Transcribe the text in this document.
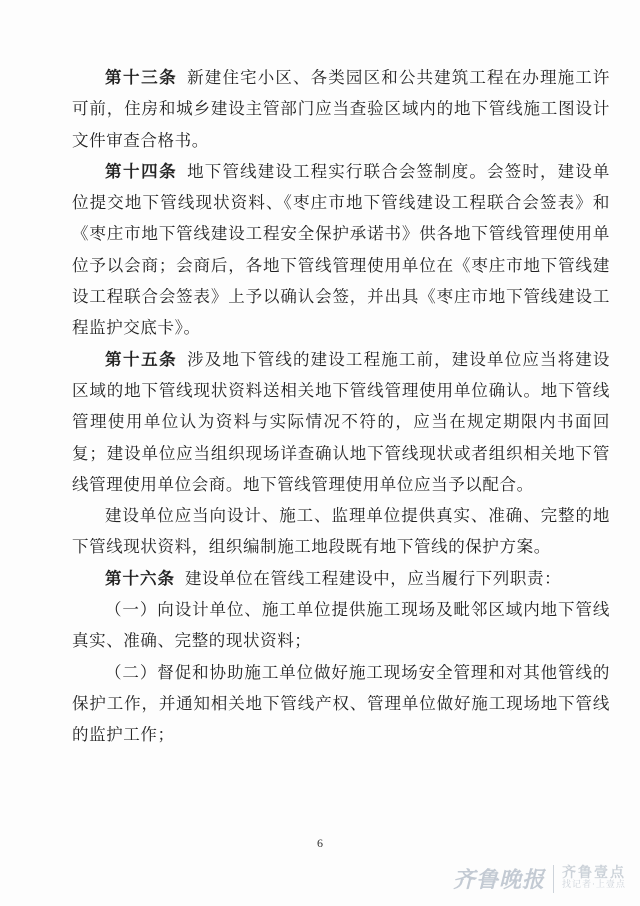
第十三条 新建住宅小区、各类园区和公共建筑工程在办理施工许可前，住房和城乡建设主管部门应当查验区域内的地下管线施工图设计文件审查合格书。

第十四条 地下管线建设工程实行联合会签制度。会签时，建设单位提交地下管线现状资料、《枣庄市地下管线建设工程联合会签表》和《枣庄市地下管线建设工程安全保护承诺书》供各地下管线管理使用单位予以会商；会商后，各地下管线管理使用单位在《枣庄市地下管线建设工程联合会签表》上予以确认会签，并出具《枣庄市地下管线建设工程监护交底卡》。

第十五条 涉及地下管线的建设工程施工前，建设单位应当将建设区域的地下管线现状资料送相关地下管线管理使用单位确认。地下管线管理使用单位认为资料与实际情况不符的，应当在规定期限内书面回复；建设单位应当组织现场详查确认地下管线现状或者组织相关地下管线管理使用单位会商。地下管线管理使用单位应当予以配合。

建设单位应当向设计、施工、监理单位提供真实、准确、完整的地下管线现状资料，组织编制施工地段既有地下管线的保护方案。

第十六条 建设单位在管线工程建设中，应当履行下列职责：

（一）向设计单位、施工单位提供施工现场及毗邻区域内地下管线真实、准确、完整的现状资料；

（二）督促和协助施工单位做好施工现场安全管理和对其他管线的保护工作，并通知相关地下管线产权、管理单位做好施工现场地下管线的监护工作；

6
齐鲁晚报 齐鲁壹点
找记者·上壹点
